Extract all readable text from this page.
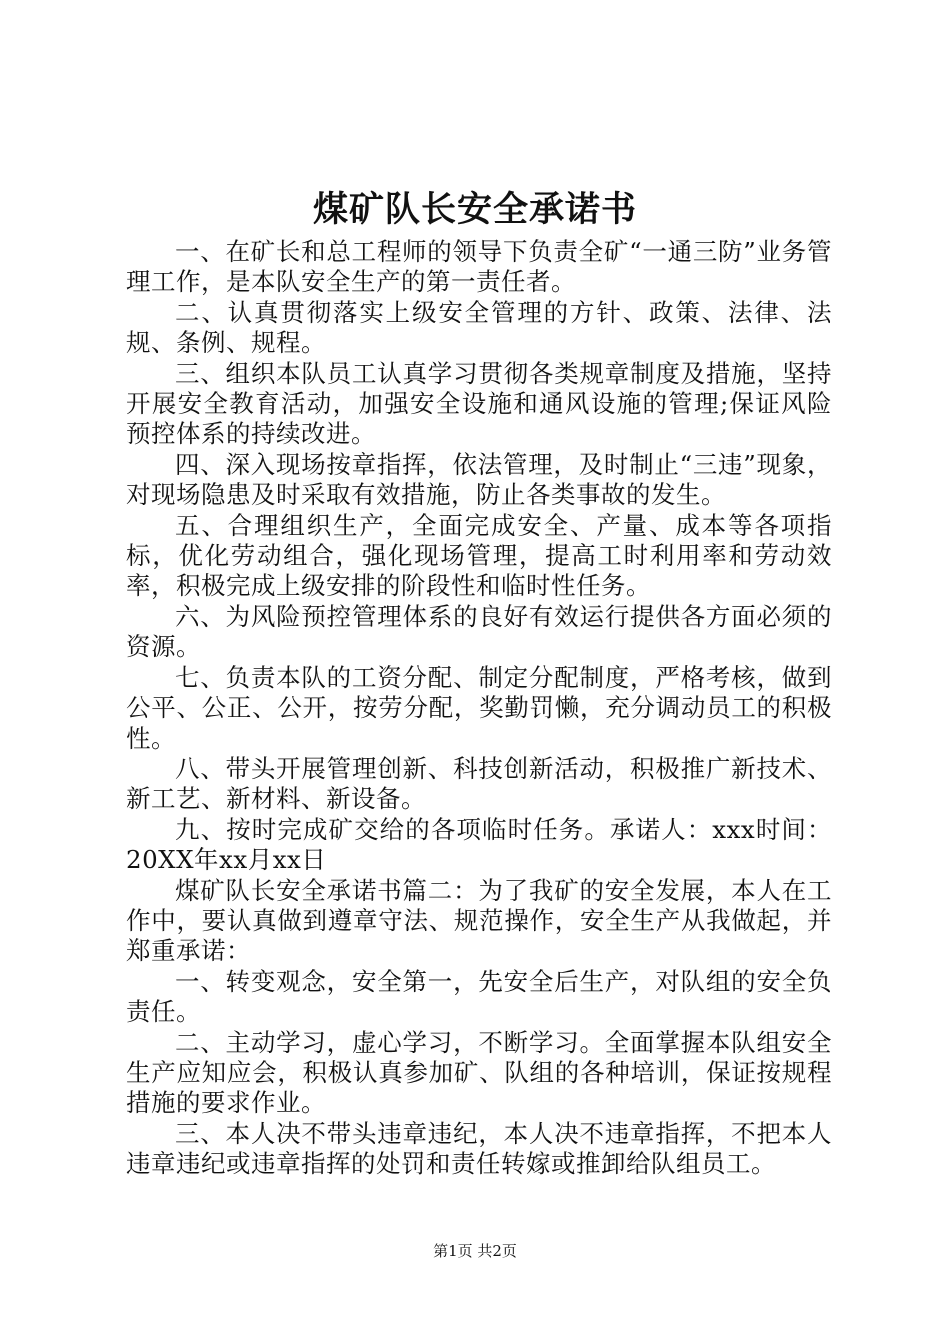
煤矿队长安全承诺书

一、在矿长和总工程师的领导下负责全矿“一通三防”业务管理工作，是本队安全生产的第一责任者。

二、认真贯彻落实上级安全管理的方针、政策、法律、法规、条例、规程。

三、组织本队员工认真学习贯彻各类规章制度及措施，坚持开展安全教育活动，加强安全设施和通风设施的管理;保证风险预控体系的持续改进。

四、深入现场按章指挥，依法管理，及时制止“三违”现象，对现场隐患及时采取有效措施，防止各类事故的发生。

五、合理组织生产，全面完成安全、产量、成本等各项指标，优化劳动组合，强化现场管理，提高工时利用率和劳动效率，积极完成上级安排的阶段性和临时性任务。

六、为风险预控管理体系的良好有效运行提供各方面必须的资源。

七、负责本队的工资分配、制定分配制度，严格考核，做到公平、公正、公开，按劳分配，奖勤罚懒，充分调动员工的积极性。

八、带头开展管理创新、科技创新活动，积极推广新技术、新工艺、新材料、新设备。

九、按时完成矿交给的各项临时任务。承诺人：xxx时间：20XX年xx月xx日

煤矿队长安全承诺书篇二：为了我矿的安全发展，本人在工作中，要认真做到遵章守法、规范操作，安全生产从我做起，并郑重承诺：

一、转变观念，安全第一，先安全后生产，对队组的安全负责任。

二、主动学习，虚心学习，不断学习。全面掌握本队组安全生产应知应会，积极认真参加矿、队组的各种培训，保证按规程措施的要求作业。

三、本人决不带头违章违纪，本人决不违章指挥，不把本人违章违纪或违章指挥的处罚和责任转嫁或推卸给队组员工。

第1页 共2页
